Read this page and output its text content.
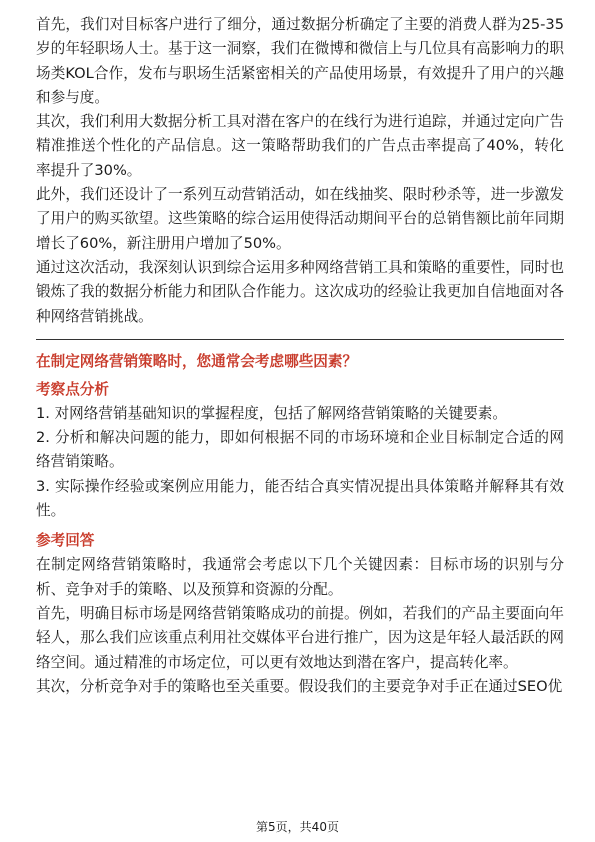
首先，我们对目标客户进行了细分，通过数据分析确定了主要的消费人群为25-35岁的年轻职场人士。基于这一洞察，我们在微博和微信上与几位具有高影响力的职场类KOL合作，发布与职场生活紧密相关的产品使用场景，有效提升了用户的兴趣和参与度。

其次，我们利用大数据分析工具对潜在客户的在线行为进行追踪，并通过定向广告精准推送个性化的产品信息。这一策略帮助我们的广告点击率提高了40%，转化率提升了30%。

此外，我们还设计了一系列互动营销活动，如在线抽奖、限时秒杀等，进一步激发了用户的购买欲望。这些策略的综合运用使得活动期间平台的总销售额比前年同期增长了60%，新注册用户增加了50%。

通过这次活动，我深刻认识到综合运用多种网络营销工具和策略的重要性，同时也锻炼了我的数据分析能力和团队合作能力。这次成功的经验让我更加自信地面对各种网络营销挑战。

在制定网络营销策略时，您通常会考虑哪些因素？

考察点分析

1. 对网络营销基础知识的掌握程度，包括了解网络营销策略的关键要素。

2. 分析和解决问题的能力，即如何根据不同的市场环境和企业目标制定合适的网络营销策略。

3. 实际操作经验或案例应用能力，能否结合真实情况提出具体策略并解释其有效性。

参考回答

在制定网络营销策略时，我通常会考虑以下几个关键因素：目标市场的识别与分析、竞争对手的策略、以及预算和资源的分配。

首先，明确目标市场是网络营销策略成功的前提。例如，若我们的产品主要面向年轻人，那么我们应该重点利用社交媒体平台进行推广，因为这是年轻人最活跃的网络空间。通过精准的市场定位，可以更有效地达到潜在客户，提高转化率。

其次，分析竞争对手的策略也至关重要。假设我们的主要竞争对手正在通过SEO优

第5页，共40页
